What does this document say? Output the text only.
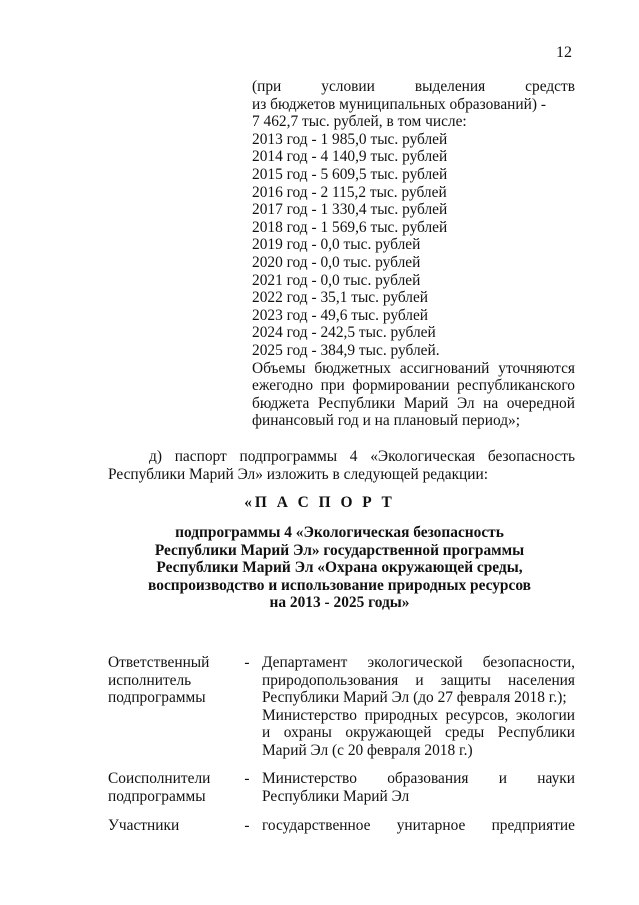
12
(при условии выделения средств
из бюджетов муниципальных образований) -
7 462,7 тыс. рублей, в том числе:
2013 год - 1 985,0 тыс. рублей
2014 год - 4 140,9 тыс. рублей
2015 год - 5 609,5 тыс. рублей
2016 год - 2 115,2 тыс. рублей
2017 год - 1 330,4 тыс. рублей
2018 год - 1 569,6 тыс. рублей
2019 год - 0,0 тыс. рублей
2020 год - 0,0 тыс. рублей
2021 год - 0,0 тыс. рублей
2022 год - 35,1 тыс. рублей
2023 год - 49,6 тыс. рублей
2024 год - 242,5 тыс. рублей
2025 год - 384,9 тыс. рублей.
Объемы бюджетных ассигнований уточняются ежегодно при формировании республиканского бюджета Республики Марий Эл на очередной финансовый год и на плановый период»;
д) паспорт подпрограммы 4 «Экологическая безопасность
Республики Марий Эл» изложить в следующей редакции:
«П А С П О Р Т
подпрограммы 4 «Экологическая безопасность
Республики Марий Эл» государственной программы
Республики Марий Эл «Охрана окружающей среды,
воспроизводство и использование природных ресурсов
на 2013 - 2025 годы»
Ответственный исполнитель подпрограммы
- Департамент экологической безопасности, природопользования и защиты населения Республики Марий Эл (до 27 февраля 2018 г.);
Министерство природных ресурсов, экологии и охраны окружающей среды Республики Марий Эл (с 20 февраля 2018 г.)
Соисполнители подпрограммы
- Министерство образования и науки Республики Марий Эл
Участники	- государственное унитарное предприятие
